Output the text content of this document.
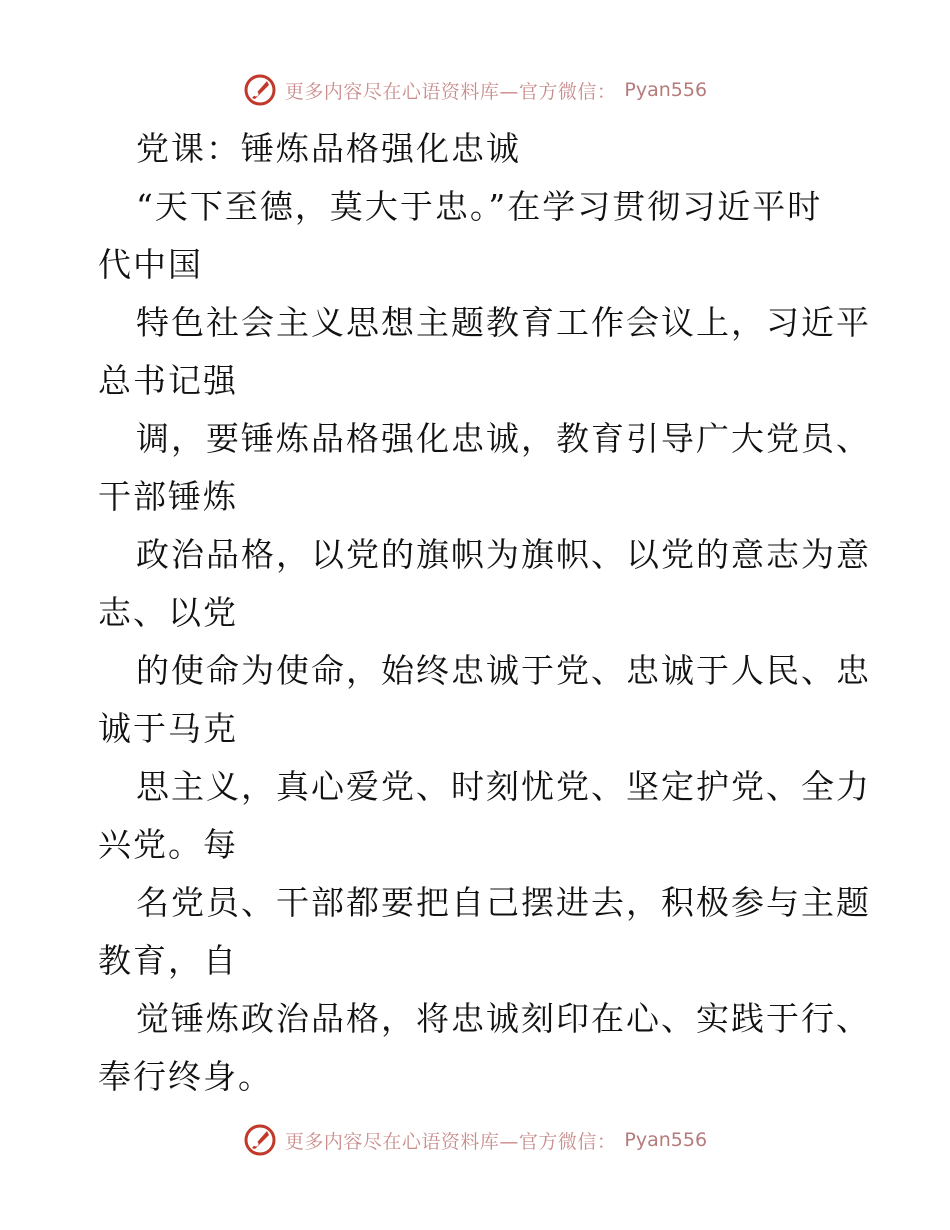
更多内容尽在心语资料库—官方微信： Pyan556
党课：锤炼品格强化忠诚
“天下至德，莫大于忠。”在学习贯彻习近平时
代中国
特色社会主义思想主题教育工作会议上，习近平
总书记强
调，要锤炼品格强化忠诚，教育引导广大党员、
干部锤炼
政治品格，以党的旗帜为旗帜、以党的意志为意
志、以党
的使命为使命，始终忠诚于党、忠诚于人民、忠
诚于马克
思主义，真心爱党、时刻忧党、坚定护党、全力
兴党。每
名党员、干部都要把自己摆进去，积极参与主题
教育，自
觉锤炼政治品格，将忠诚刻印在心、实践于行、
奉行终身。
更多内容尽在心语资料库—官方微信： Pyan556
